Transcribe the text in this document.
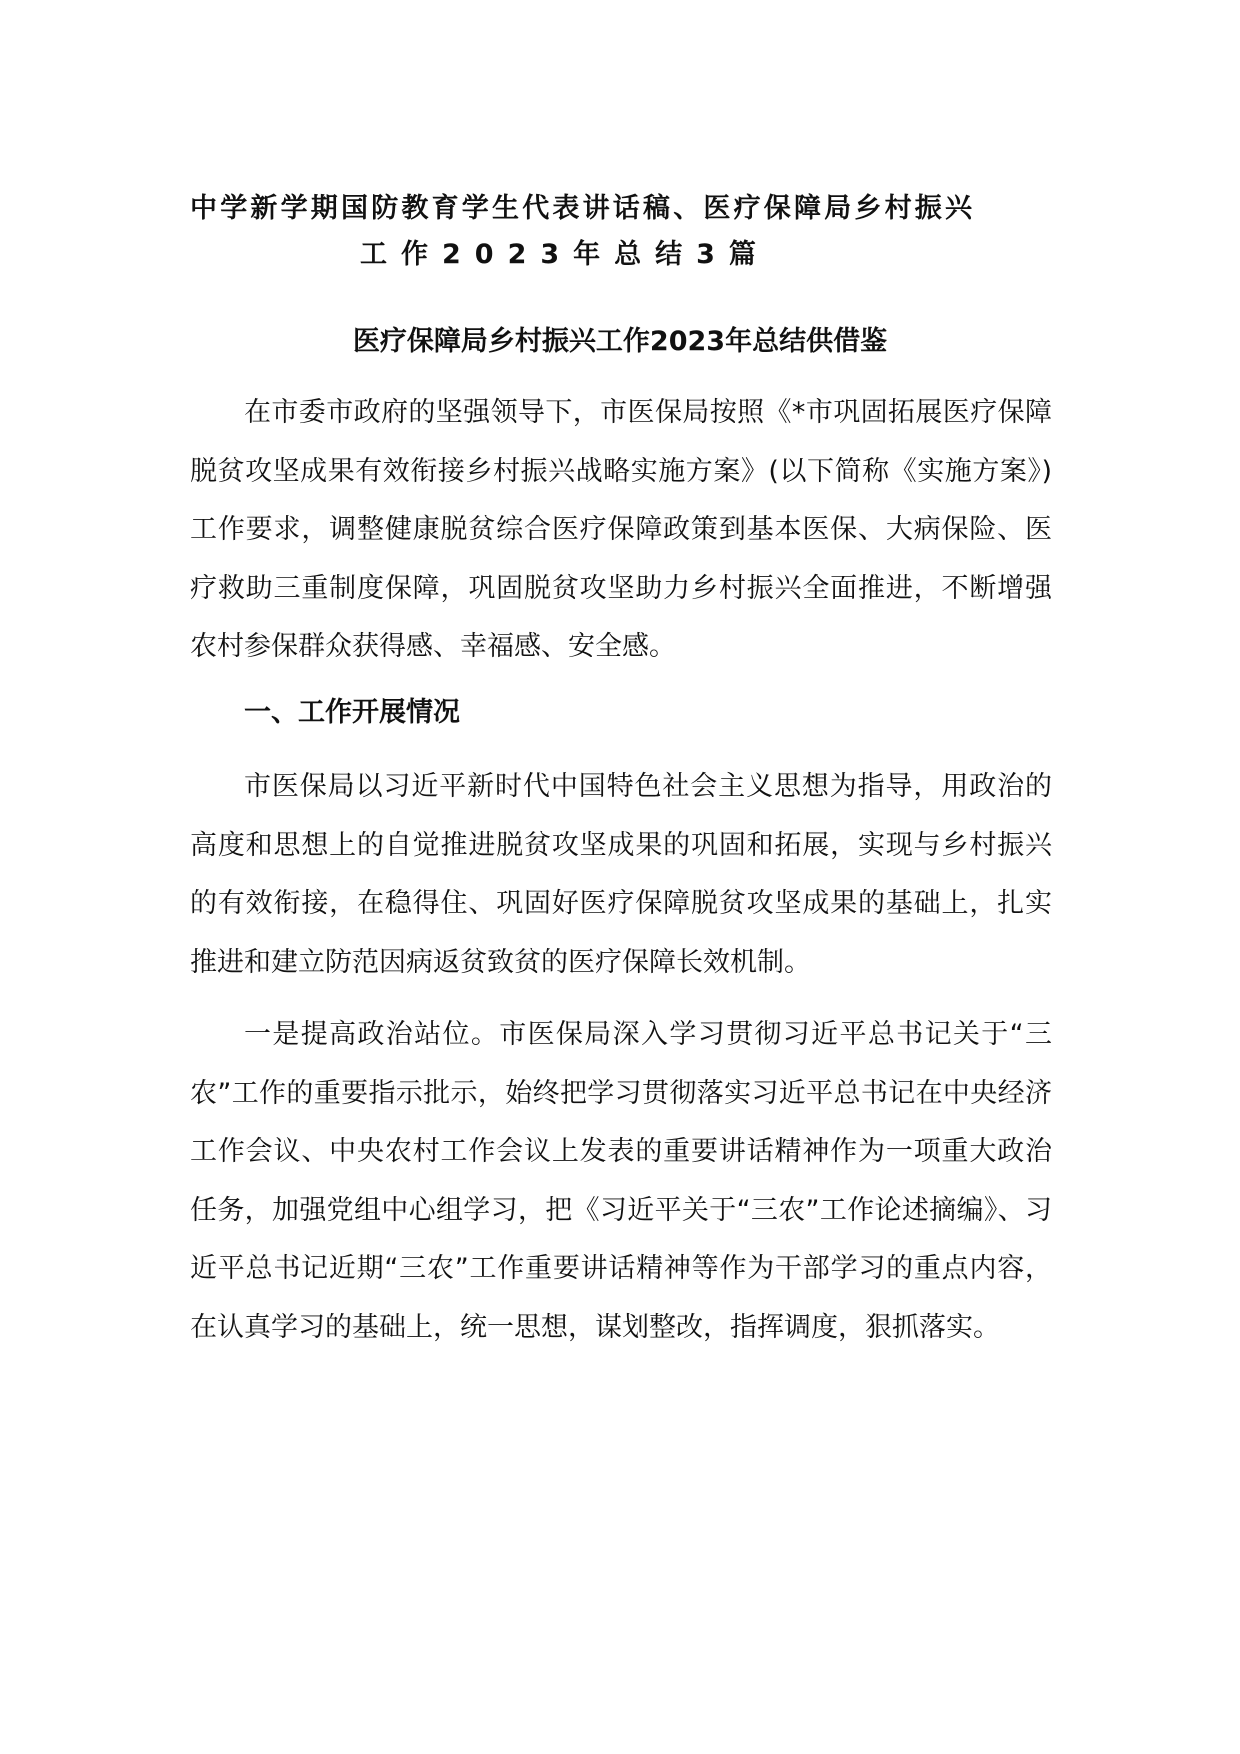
中学新学期国防教育学生代表讲话稿、医疗保障局乡村振兴
工作2023年总结3篇
医疗保障局乡村振兴工作2023年总结供借鉴

在市委市政府的坚强领导下，市医保局按照《*市巩固拓展医疗保障脱贫攻坚成果有效衔接乡村振兴战略实施方案》(以下简称《实施方案》)工作要求，调整健康脱贫综合医疗保障政策到基本医保、大病保险、医疗救助三重制度保障，巩固脱贫攻坚助力乡村振兴全面推进，不断增强农村参保群众获得感、幸福感、安全感。

一、工作开展情况

市医保局以习近平新时代中国特色社会主义思想为指导，用政治的高度和思想上的自觉推进脱贫攻坚成果的巩固和拓展，实现与乡村振兴的有效衔接，在稳得住、巩固好医疗保障脱贫攻坚成果的基础上，扎实推进和建立防范因病返贫致贫的医疗保障长效机制。

一是提高政治站位。市医保局深入学习贯彻习近平总书记关于“三农”工作的重要指示批示，始终把学习贯彻落实习近平总书记在中央经济工作会议、中央农村工作会议上发表的重要讲话精神作为一项重大政治任务，加强党组中心组学习，把《习近平关于“三农”工作论述摘编》、习近平总书记近期“三农”工作重要讲话精神等作为干部学习的重点内容，在认真学习的基础上，统一思想，谋划整改，指挥调度，狠抓落实。
